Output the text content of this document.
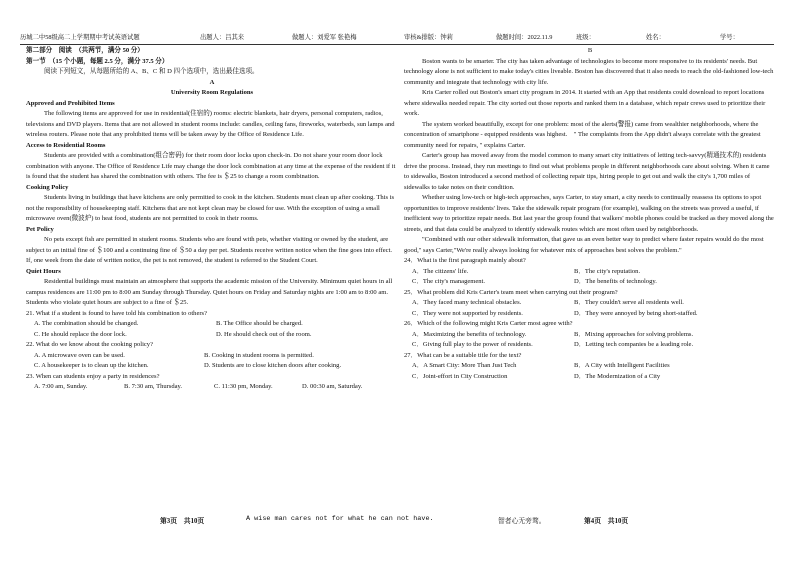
历城二中58级高二上学期期中考试英语试题	出题人：吕其来	做题人：刘爱军 张艳梅	审核&排版：钟莉	做题时间：2022.11.9	班级：	姓名：	学号：

第二部分　阅读　（共两节，满分 50 分）

第一节　（15 个小题，每题 2.5 分，满分 37.5 分）

阅读下列短文，从每题所给的 A、B、C 和 D 四个选项中，选出最佳选项。

A

University Room Regulations

Approved and Prohibited Items

The following items are approved for use in residential(住宿的) rooms: electric blankets, hair dryers, personal computers, radios, televisions and DVD players. Items that are not allowed in student rooms include: candles, ceiling fans, fireworks, waterbeds, sun lamps and wireless routers. Please note that any prohibited items will be taken away by the Office of Residence Life.

Access to Residential Rooms

Students are provided with a combination(组合密码) for their room door locks upon check-in. Do not share your room door lock combination with anyone. The Office of Residence Life may change the door lock combination at any time at the expense of the resident if it is found that the student has shared the combination with others. The fee is ＄25 to change a room combination.

Cooking Policy

Students living in buildings that have kitchens are only permitted to cook in the kitchen. Students must clean up after cooking. This is not the responsibility of housekeeping staff. Kitchens that are not kept clean may be closed for use. With the exception of using a small microwave oven(微波炉) to heat food, students are not permitted to cook in their rooms.

Pet Policy

No pets except fish are permitted in student rooms. Students who are found with pets, whether visiting or owned by the student, are subject to an initial fine of ＄100 and a continuing fine of ＄50 a day per pet. Students receive written notice when the fine goes into effect. If, one week from the date of written notice, the pet is not removed, the student is referred to the Student Court.

Quiet Hours

Residential buildings must maintain an atmosphere that supports the academic mission of the University. Minimum quiet hours in all campus residences are 11:00 pm to 8:00 am Sunday through Thursday. Quiet hours on Friday and Saturday nights are 1:00 am to 8:00 am. Students who violate quiet hours are subject to a fine of ＄25.

21. What if a student is found to have told his combination to others?

A. The combination should be changed.	B. The Office should be charged.
C. He should replace the door lock.	D. He should check out of the room.

22. What do we know about the cooking policy?

A. A microwave oven can be used.	B. Cooking in student rooms is permitted.
C. A housekeeper is to clean up the kitchen.	D. Students are to close kitchen doors after cooking.

23. When can students enjoy a party in residences?

A. 7:00 am, Sunday.	B. 7:30 am, Thursday.	C. 11:30 pm, Monday.	D. 00:30 am, Saturday.

B

Boston wants to be smarter. The city has taken advantage of technologies to become more responsive to its residents' needs. But technology alone is not sufficient to make today's cities liveable. Boston has discovered that it also needs to reach the old-fashioned low-tech community and integrate that technology with city life.

Kris Carter rolled out Boston's smart city program in 2014. It started with an App that residents could download to report locations where sidewalks needed repair. The city sorted out those reports and ranked them in a database, which repair crews used to prioritize their work.

The system worked beautifully, except for one problem: most of the alerts(警报) came from wealthier neighborhoods, where the concentration of smartphone - equipped residents was highest.　" The complaints from the App didn't always correlate with the greatest community need for repairs, " explains Carter.

Carter's group has moved away from the model common to many smart city initiatives of letting tech-savvy(精通技术的) residents drive the process. Instead, they run meetings to find out what problems people in different neighborhoods care about solving. When it came to sidewalks, Boston introduced a second method of collecting repair tips, hiring people to get out and walk the city's 1,700 miles of sidewalks to take notes on their condition.

Whether using low-tech or high-tech approaches, says Carter, to stay smart, a city needs to continually reassess its options to spot opportunities to improve residents' lives. Take the sidewalk repair program (for example), walking on the streets was proved a useful, if inefficient way to prioritize repair needs. But last year the group found that walkers' mobile phones could be tracked as they moved along the streets, and that data could be analyzed to identify sidewalk routes which are most often used by neighborhoods.

"Combined with our other sidewalk information, that gave us an even better way to predict where faster repairs would do the most good," says Carter,"We're really always looking for whatever mix of approaches best solves the problem."

24．What is the first paragraph mainly about?

A．The citizens' life.	B．The city's reputation.
C．The city's management.	D．The benefits of technology.

25．What problem did Kris Carter's team meet when carrying out their program?

A．They faced many technical obstacles.	B．They couldn't serve all residents well.
C．They were not supported by residents.	D．They were annoyed by being short-staffed.

26．Which of the following might Kris Carter most agree with?

A．Maximizing the benefits of technology.	B．Mixing approaches for solving problems.
C．Giving full play to the power of residents.	D．Letting tech companies be a leading role.

27．What can be a suitable title for the text?

A．A Smart City: More Than Just Tech	B．A City with Intelligent Facilities
C．Joint-effort in City Construction	D．The Modernization of a City
第3页　共10页	A wise man cares not for what he can not have.	智者心无旁骛。	第4页　共10页
